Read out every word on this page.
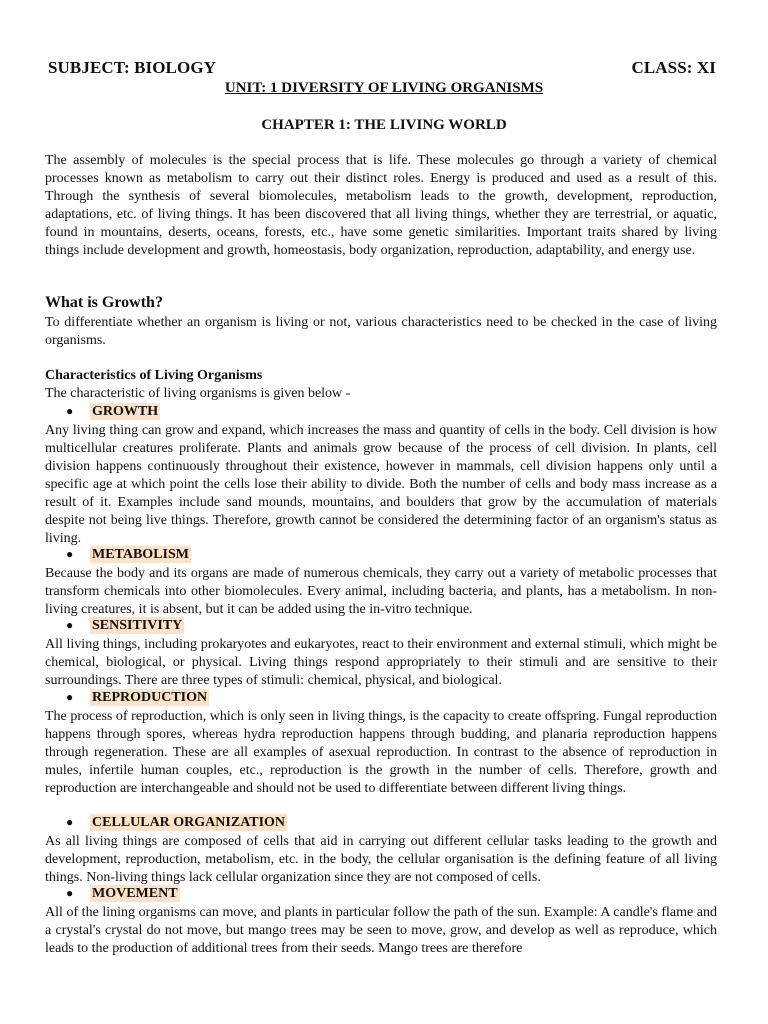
SUBJECT: BIOLOGY	CLASS: XI
UNIT: 1 DIVERSITY OF LIVING ORGANISMS
CHAPTER 1: THE LIVING WORLD
The assembly of molecules is the special process that is life. These molecules go through a variety of chemical processes known as metabolism to carry out their distinct roles. Energy is produced and used as a result of this. Through the synthesis of several biomolecules, metabolism leads to the growth, development, reproduction, adaptations, etc. of living things. It has been discovered that all living things, whether they are terrestrial, or aquatic, found in mountains, deserts, oceans, forests, etc., have some genetic similarities. Important traits shared by living things include development and growth, homeostasis, body organization, reproduction, adaptability, and energy use.
What is Growth?
To differentiate whether an organism is living or not, various characteristics need to be checked in the case of living organisms.
Characteristics of Living Organisms
The characteristic of living organisms is given below -
●	GROWTH
Any living thing can grow and expand, which increases the mass and quantity of cells in the body. Cell division is how multicellular creatures proliferate. Plants and animals grow because of the process of cell division. In plants, cell division happens continuously throughout their existence, however in mammals, cell division happens only until a specific age at which point the cells lose their ability to divide. Both the number of cells and body mass increase as a result of it. Examples include sand mounds, mountains, and boulders that grow by the accumulation of materials despite not being live things. Therefore, growth cannot be considered the determining factor of an organism's status as living.
●	METABOLISM
Because the body and its organs are made of numerous chemicals, they carry out a variety of metabolic processes that transform chemicals into other biomolecules. Every animal, including bacteria, and plants, has a metabolism. In non-living creatures, it is absent, but it can be added using the in-vitro technique.
●	SENSITIVITY
All living things, including prokaryotes and eukaryotes, react to their environment and external stimuli, which might be chemical, biological, or physical. Living things respond appropriately to their stimuli and are sensitive to their surroundings. There are three types of stimuli: chemical, physical, and biological.
●	REPRODUCTION
The process of reproduction, which is only seen in living things, is the capacity to create offspring. Fungal reproduction happens through spores, whereas hydra reproduction happens through budding, and planaria reproduction happens through regeneration. These are all examples of asexual reproduction. In contrast to the absence of reproduction in mules, infertile human couples, etc., reproduction is the growth in the number of cells. Therefore, growth and reproduction are interchangeable and should not be used to differentiate between different living things.
●	CELLULAR ORGANIZATION
As all living things are composed of cells that aid in carrying out different cellular tasks leading to the growth and development, reproduction, metabolism, etc. in the body, the cellular organisation is the defining feature of all living things. Non-living things lack cellular organization since they are not composed of cells.
●	MOVEMENT
All of the lining organisms can move, and plants in particular follow the path of the sun. Example: A candle's flame and a crystal's crystal do not move, but mango trees may be seen to move, grow, and develop as well as reproduce, which leads to the production of additional trees from their seeds. Mango trees are therefore
